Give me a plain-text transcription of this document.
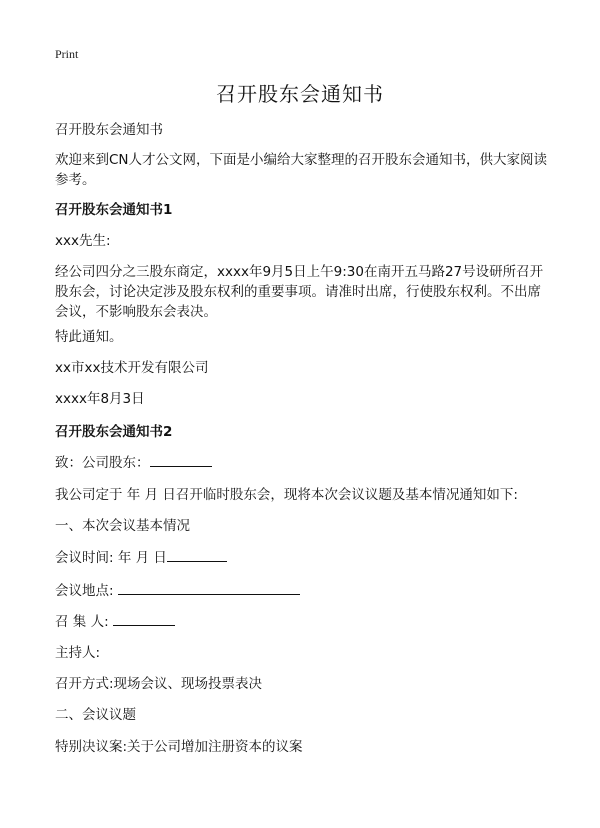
Print
召开股东会通知书
召开股东会通知书
欢迎来到CN人才公文网，下面是小编给大家整理的召开股东会通知书，供大家阅读参考。
召开股东会通知书1
xxx先生:
经公司四分之三股东商定，xxxx年9月5日上午9:30在南开五马路27号设研所召开股东会，讨论决定涉及股东权利的重要事项。请准时出席，行使股东权利。不出席会议，不影响股东会表决。
特此通知。
xx市xx技术开发有限公司
xxxx年8月3日
召开股东会通知书2
致：公司股东：
我公司定于 年 月 日召开临时股东会，现将本次会议议题及基本情况通知如下:
一、本次会议基本情况
会议时间: 年 月 日
会议地点:
召 集 人:
主持人:
召开方式:现场会议、现场投票表决
二、会议议题
特别决议案:关于公司增加注册资本的议案
